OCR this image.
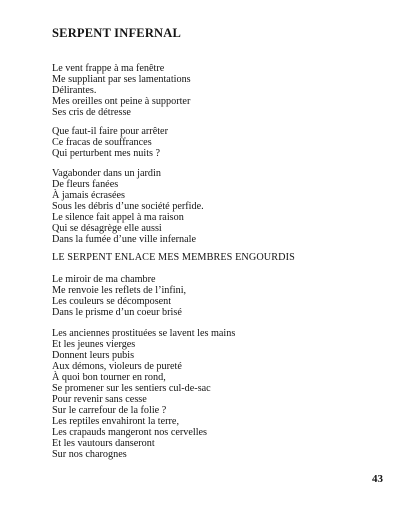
SERPENT INFERNAL
Le vent frappe à ma fenêtre
Me suppliant par ses lamentations
Délirantes.
Mes oreilles ont peine à supporter
Ses cris de détresse
Que faut-il faire pour arrêter
Ce fracas de souffrances
Qui perturbent mes nuits ?
Vagabonder dans un jardin
De fleurs fanées
À jamais écrasées
Sous les débris d’une société perfide.
Le silence fait appel à ma raison
Qui se désagrège elle aussi
Dans la fumée d’une ville infernale
LE SERPENT ENLACE MES MEMBRES ENGOURDIS
Le miroir de ma chambre
Me renvoie les reflets de l’infini,
Les couleurs se décomposent
Dans le prisme d’un coeur brisé
Les anciennes prostituées se lavent les mains
Et les jeunes vierges
Donnent leurs pubis
Aux démons, violeurs de pureté
À quoi bon tourner en rond,
Se promener sur les sentiers cul-de-sac
Pour revenir sans cesse
Sur le carrefour de la folie ?
Les reptiles envahiront la terre,
Les crapauds mangeront nos cervelles
Et les vautours danseront
Sur nos charognes
43
